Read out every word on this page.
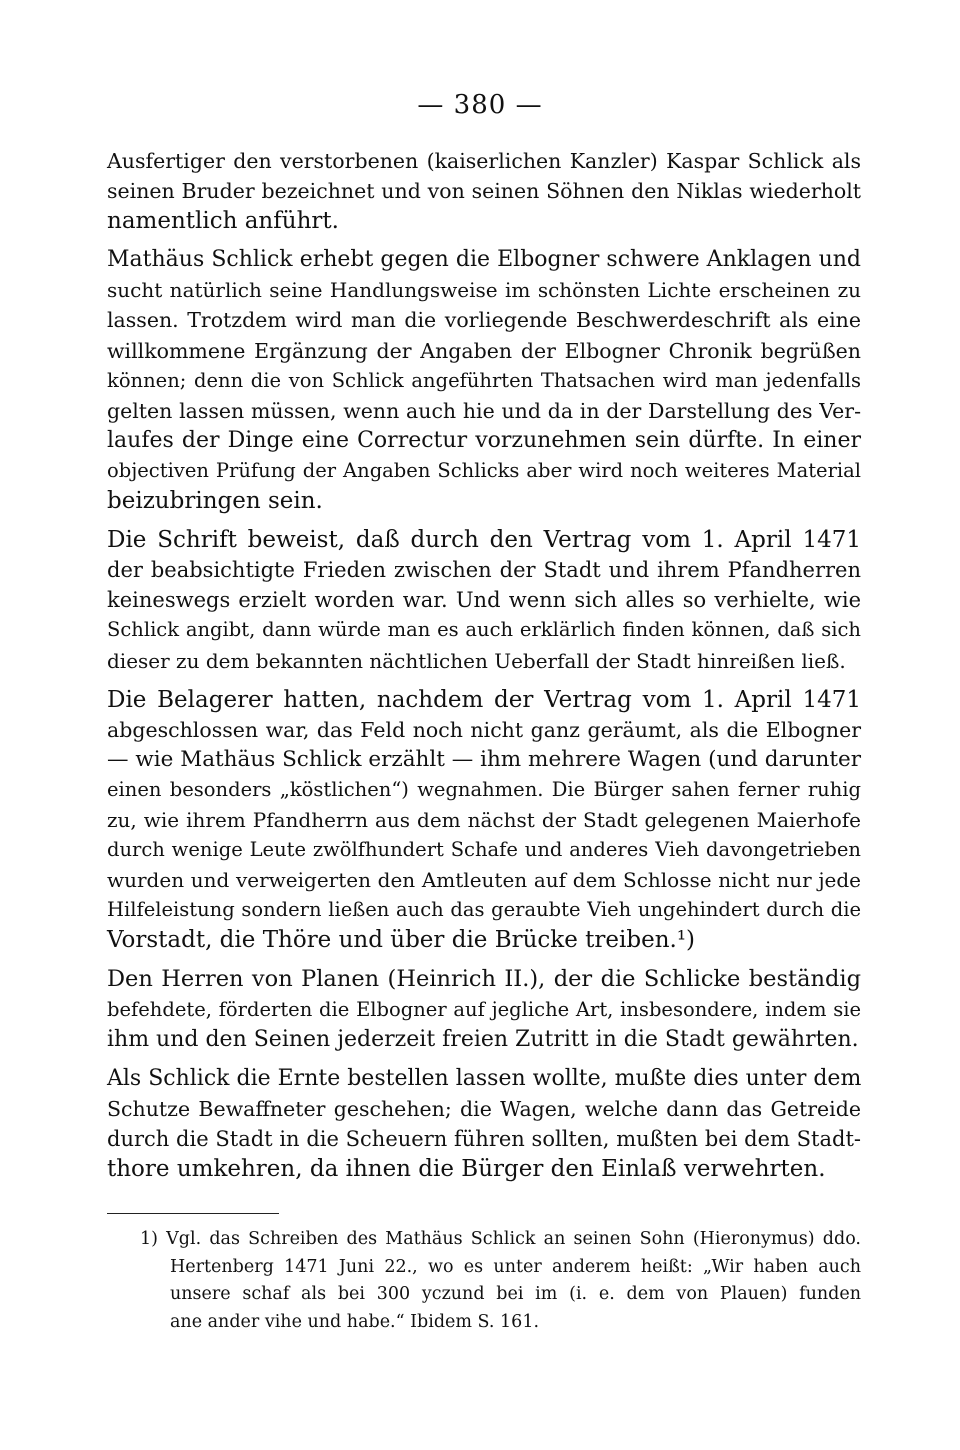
— 380 —
Ausfertiger den verstorbenen (kaiserlichen Kanzler) Kaspar Schlick als
seinen Bruder bezeichnet und von seinen Söhnen den Niklas wiederholt
namentlich anführt.
Mathäus Schlick erhebt gegen die Elbogner schwere Anklagen und
sucht natürlich seine Handlungsweise im schönsten Lichte erscheinen zu
lassen. Trotzdem wird man die vorliegende Beschwerdeschrift als eine
willkommene Ergänzung der Angaben der Elbogner Chronik begrüßen
können; denn die von Schlick angeführten Thatsachen wird man jedenfalls
gelten lassen müssen, wenn auch hie und da in der Darstellung des Ver-
laufes der Dinge eine Correctur vorzunehmen sein dürfte. In einer
objectiven Prüfung der Angaben Schlicks aber wird noch weiteres Material
beizubringen sein.
Die Schrift beweist, daß durch den Vertrag vom 1. April 1471
der beabsichtigte Frieden zwischen der Stadt und ihrem Pfandherren
keineswegs erzielt worden war. Und wenn sich alles so verhielte, wie
Schlick angibt, dann würde man es auch erklärlich finden können, daß sich
dieser zu dem bekannten nächtlichen Ueberfall der Stadt hinreißen ließ.
Die Belagerer hatten, nachdem der Vertrag vom 1. April 1471
abgeschlossen war, das Feld noch nicht ganz geräumt, als die Elbogner
— wie Mathäus Schlick erzählt — ihm mehrere Wagen (und darunter
einen besonders „köstlichen“) wegnahmen. Die Bürger sahen ferner ruhig
zu, wie ihrem Pfandherrn aus dem nächst der Stadt gelegenen Maierhofe
durch wenige Leute zwölfhundert Schafe und anderes Vieh davongetrieben
wurden und verweigerten den Amtleuten auf dem Schlosse nicht nur jede
Hilfeleistung sondern ließen auch das geraubte Vieh ungehindert durch die
Vorstadt, die Thöre und über die Brücke treiben.¹)
Den Herren von Planen (Heinrich II.), der die Schlicke beständig
befehdete, förderten die Elbogner auf jegliche Art, insbesondere, indem sie
ihm und den Seinen jederzeit freien Zutritt in die Stadt gewährten.
Als Schlick die Ernte bestellen lassen wollte, mußte dies unter dem
Schutze Bewaffneter geschehen; die Wagen, welche dann das Getreide
durch die Stadt in die Scheuern führen sollten, mußten bei dem Stadt-
thore umkehren, da ihnen die Bürger den Einlaß verwehrten.
1) Vgl. das Schreiben des Mathäus Schlick an seinen Sohn (Hieronymus) ddo.
Hertenberg 1471 Juni 22., wo es unter anderem heißt: „Wir haben auch
unsere schaf als bei 300 yczund bei im (i. e. dem von Plauen) funden
ane ander vihe und habe.“ Ibidem S. 161.
